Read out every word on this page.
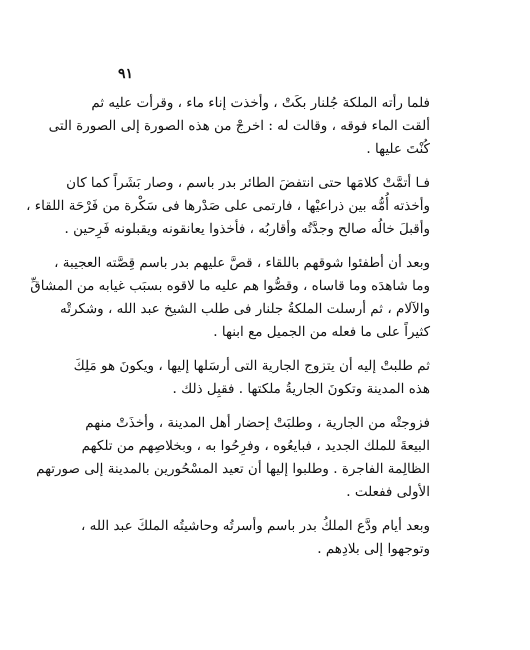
٩١

فلما رأته الملكة جُلنار بكَتْ ، وأخذت إناء ماء ، وقرأت عليه ثم
ألقت الماء فوقه ، وقالت له : اخرجْ من هذه الصورة إلى الصورة التى
كُنْتَ عليها .

فـا أتمَّتْ كلامَها حتى انتفضَ الطائر بدر باسم ، وصار بَشَراً كما كان
وأخذته أُمُّه بين ذراعيْها ، فارتمى على صَدْرها فى سَكْرة من فَرْحَة اللقاء ،
وأقبلَ خالُه صالح وجدَّتُه وأقاربُه ، فأخذوا يعانقونه ويقبلونه فَرِحين .

وبعد أن أطفئوا شوقهم باللقاء ، قصَّ عليهم بدر باسم قِصَّته العجيبة ،
وما شاهدَه وما قاساه ، وقصُّوا هم عليه ما لاقوه بسبَب غيابه من المشاقِّ
والآلام ، ثم أرسلت الملكةُ جلنار فى طلب الشيخ عبد الله ، وشكرتْه
كثيراً على ما فعله من الجميل مع ابنها .

ثم طلبتْ إليه أن يتزوج الجارية التى أرسَلها إليها ، ويكونَ هو مَلِكَ
هذه المدينة وتكونَ الجاريةُ ملكتها . فقبِل ذلك .

فزوجتْه من الجارية ، وطلبَتْ إحضار أهل المدينة ، وأخذَتْ منهم
البيعةَ للملك الجديد ، فبايعُوه ، وفرِحُوا به ، وبخلاصِهم من تلكهم
الظالِمة الفاجرة . وطلبوا إليها أن تعيد المسْحُورين بالمدينة إلى صورتهم
الأولى ففعلت .

وبعد أيام ودَّع الملكُ بدر باسم وأسرتُه وحاشيتُه الملكَ عبد الله ،
وتوجهوا إلى بلادِهم .
